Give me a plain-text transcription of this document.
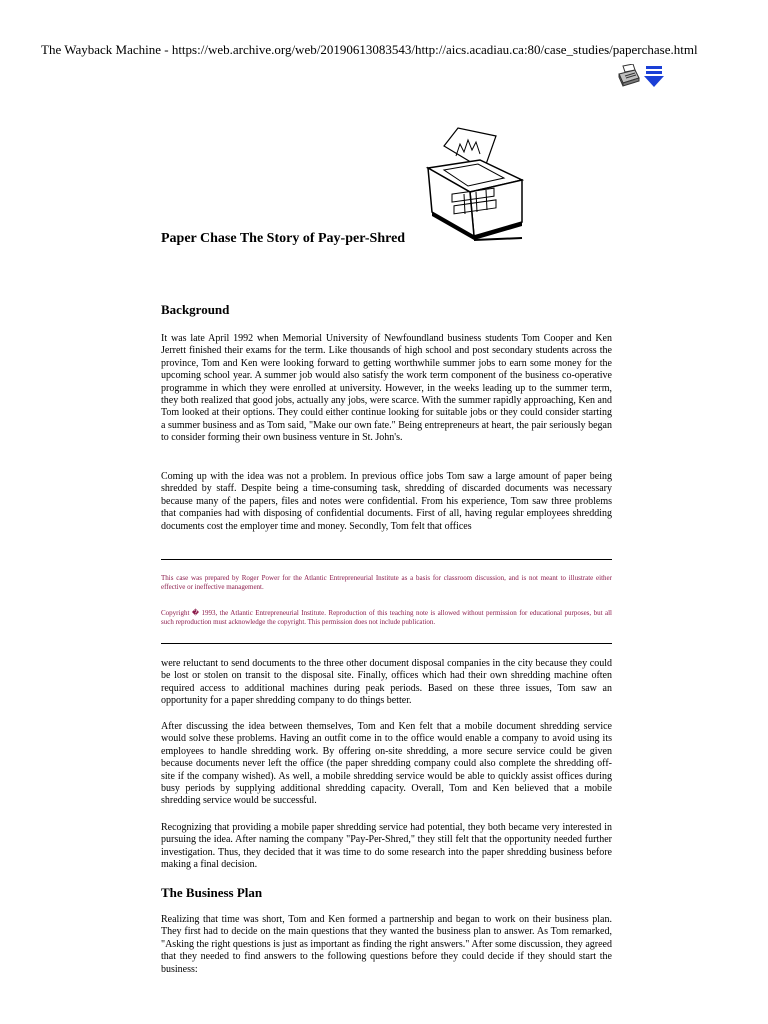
The Wayback Machine - https://web.archive.org/web/20190613083543/http://aics.acadiau.ca:80/case_studies/paperchase.html
Paper Chase The Story of Pay-per-Shred
Background

It was late April 1992 when Memorial University of Newfoundland business students Tom Cooper and Ken Jerrett finished their exams for the term. Like thousands of high school and post secondary students across the province, Tom and Ken were looking forward to getting worthwhile summer jobs to earn some money for the upcoming school year. A summer job would also satisfy the work term component of the business co-operative programme in which they were enrolled at university. However, in the weeks leading up to the summer term, they both realized that good jobs, actually any jobs, were scarce. With the summer rapidly approaching, Ken and Tom looked at their options. They could either continue looking for suitable jobs or they could consider starting a summer business and as Tom said, "Make our own fate." Being entrepreneurs at heart, the pair seriously began to consider forming their own business venture in St. John's.

Coming up with the idea was not a problem. In previous office jobs Tom saw a large amount of paper being shredded by staff. Despite being a time-consuming task, shredding of discarded documents was necessary because many of the papers, files and notes were confidential. From his experience, Tom saw three problems that companies had with disposing of confidential documents. First of all, having regular employees shredding documents cost the employer time and money. Secondly, Tom felt that offices

This case was prepared by Roger Power for the Atlantic Entrepreneurial Institute as a basis for classroom discussion, and is not meant to illustrate either effective or ineffective management.

Copyright � 1993, the Atlantic Entrepreneurial Institute. Reproduction of this teaching note is allowed without permission for educational purposes, but all such reproduction must acknowledge the copyright. This permission does not include publication.

were reluctant to send documents to the three other document disposal companies in the city because they could be lost or stolen on transit to the disposal site. Finally, offices which had their own shredding machine often required access to additional machines during peak periods. Based on these three issues, Tom saw an opportunity for a paper shredding company to do things better.

After discussing the idea between themselves, Tom and Ken felt that a mobile document shredding service would solve these problems. Having an outfit come in to the office would enable a company to avoid using its employees to handle shredding work. By offering on-site shredding, a more secure service could be given because documents never left the office (the paper shredding company could also complete the shredding off-site if the company wished). As well, a mobile shredding service would be able to quickly assist offices during busy periods by supplying additional shredding capacity. Overall, Tom and Ken believed that a mobile shredding service would be successful.

Recognizing that providing a mobile paper shredding service had potential, they both became very interested in pursuing the idea. After naming the company "Pay-Per-Shred," they still felt that the opportunity needed further investigation. Thus, they decided that it was time to do some research into the paper shredding business before making a final decision.

The Business Plan

Realizing that time was short, Tom and Ken formed a partnership and began to work on their business plan. They first had to decide on the main questions that they wanted the business plan to answer. As Tom remarked, "Asking the right questions is just as important as finding the right answers." After some discussion, they agreed that they needed to find answers to the following questions before they could decide if they should start the business:
